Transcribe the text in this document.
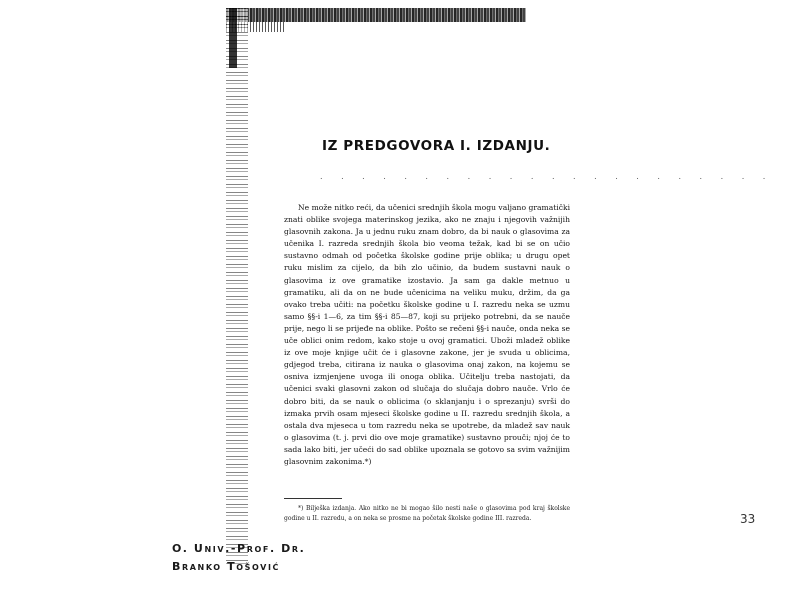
IZ PREDGOVORA I. IZDANJU.
. . . . . . . . . . . . . . . . . . . . . .

Ne može nitko reći, da učenici srednjih škola mogu valjano gramatički znati oblike svojega materinskog jezika, ako ne znaju i njegovih važnijih glasovnih zakona. Ja u jednu ruku znam dobro, da bi nauk o glasovima za učenika I. razreda srednjih škola bio veoma težak, kad bi se on učio sustavno odmah od početka školske godine prije oblika; u drugu opet ruku mislim za cijelo, da bih zlo učinio, da budem sustavni nauk o glasovima iz ove gramatike izostavio. Ja sam ga dakle metnuo u gramatiku, ali da on ne bude učenicima na veliku muku, držim, da ga ovako treba učiti: na početku školske godine u I. razredu neka se uzmu samo §§-i 1—6, za tim §§-i 85—87, koji su prijeko potrebni, da se nauče prije, nego li se prijeđe na oblike. Pošto se rečeni §§-i nauče, onda neka se uče oblici onim redom, kako stoje u ovoj gramatici. Uboži mladež oblike iz ove moje knjige učit će i glasovne zakone, jer je svuda u oblicima, gdjegod treba, citirana iz nauka o glasovima onaj zakon, na kojemu se osniva izmjenjene uvoga ili onoga oblika. Učitelju treba nastojati, da učenici svaki glasovni zakon od slučaja do slučaja dobro nauče. Vrlo će dobro biti, da se nauk o oblicima (o sklanjanju i o sprezanju) svrši do izmaka prvih osam mjeseci školske godine u II. razredu srednjih škola, a ostala dva mjeseca u tom razredu neka se upotrebe, da mladež sav nauk o glasovima (t. j. prvi dio ove moje gramatike) sustavno prouči; njoj će to sada lako biti, jer učeći do sad oblike upoznala se gotovo sa svim važnijim glasovnim zakonima.*)

*) Bilješka izdanja. Ako nitko ne bi mogao šilo nesti naše o glasovima pod kraj školske godine u II. razredu, a on neka se prosme na početak školske godine III. razreda.

O. Univ.-Prof. Dr.

Branko Tošović

33
